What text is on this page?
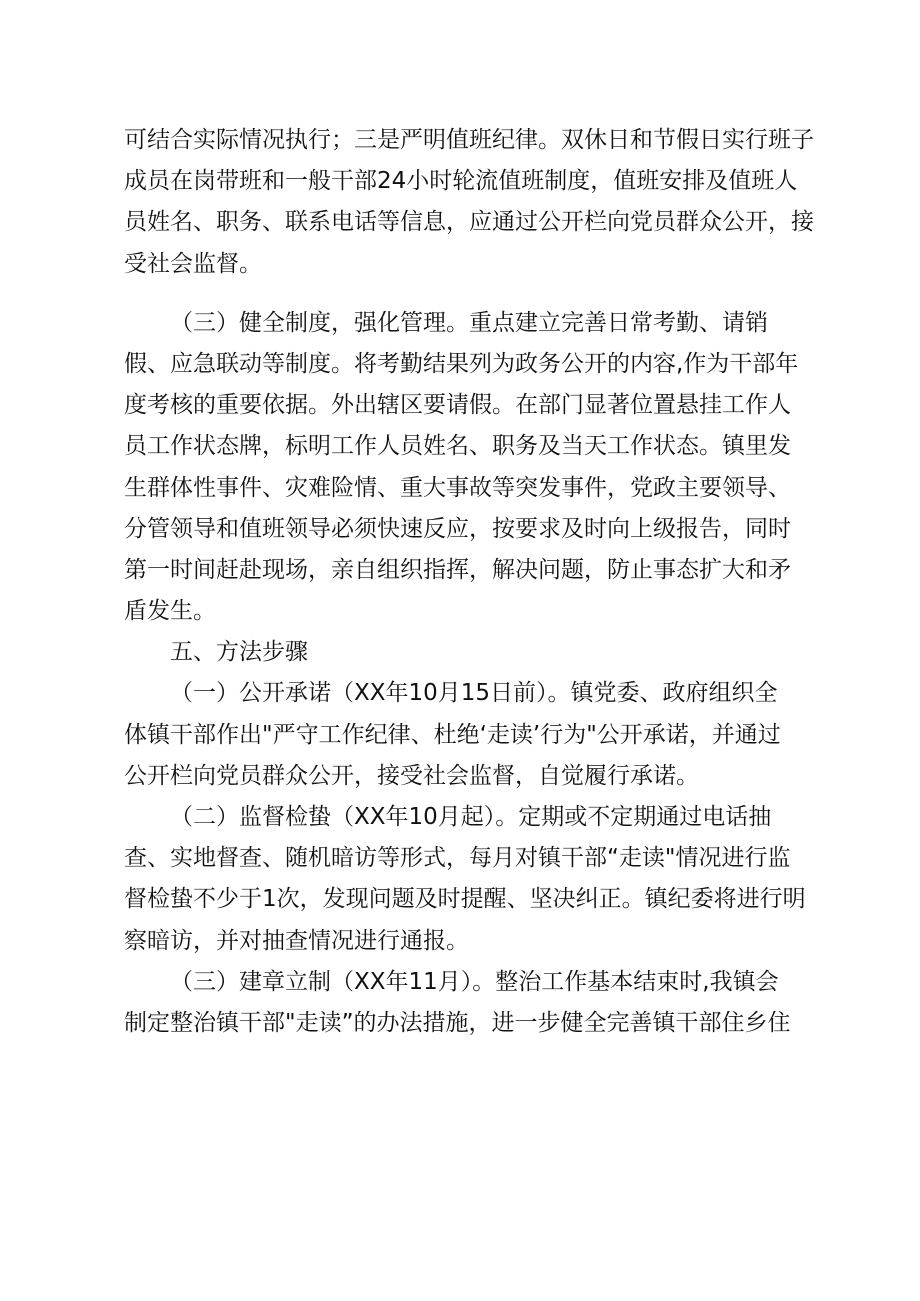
可结合实际情况执行；三是严明值班纪律。双休日和节假日实行班子
成员在岗带班和一般干部24小时轮流值班制度，值班安排及值班人
员姓名、职务、联系电话等信息，应通过公开栏向党员群众公开，接
受社会监督。
（三）健全制度，强化管理。重点建立完善日常考勤、请销
假、应急联动等制度。将考勤结果列为政务公开的内容,作为干部年
度考核的重要依据。外出辖区要请假。在部门显著位置悬挂工作人
员工作状态牌，标明工作人员姓名、职务及当天工作状态。镇里发
生群体性事件、灾难险情、重大事故等突发事件，党政主要领导、
分管领导和值班领导必须快速反应，按要求及时向上级报告，同时
第一时间赶赴现场，亲自组织指挥，解决问题，防止事态扩大和矛
盾发生。
五、方法步骤
（一）公开承诺（XX年10月15日前）。镇党委、政府组织全
体镇干部作出"严守工作纪律、杜绝‘走读’行为"公开承诺，并通过
公开栏向党员群众公开，接受社会监督，自觉履行承诺。
（二）监督检蛰（XX年10月起）。定期或不定期通过电话抽
查、实地督查、随机暗访等形式，每月对镇干部“走读"情况进行监
督检蛰不少于1次，发现问题及时提醒、坚决纠正。镇纪委将进行明
察暗访，并对抽查情况进行通报。
（三）建章立制（XX年11月）。整治工作基本结束时,我镇会
制定整治镇干部"走读”的办法措施，进一步健全完善镇干部住乡住
